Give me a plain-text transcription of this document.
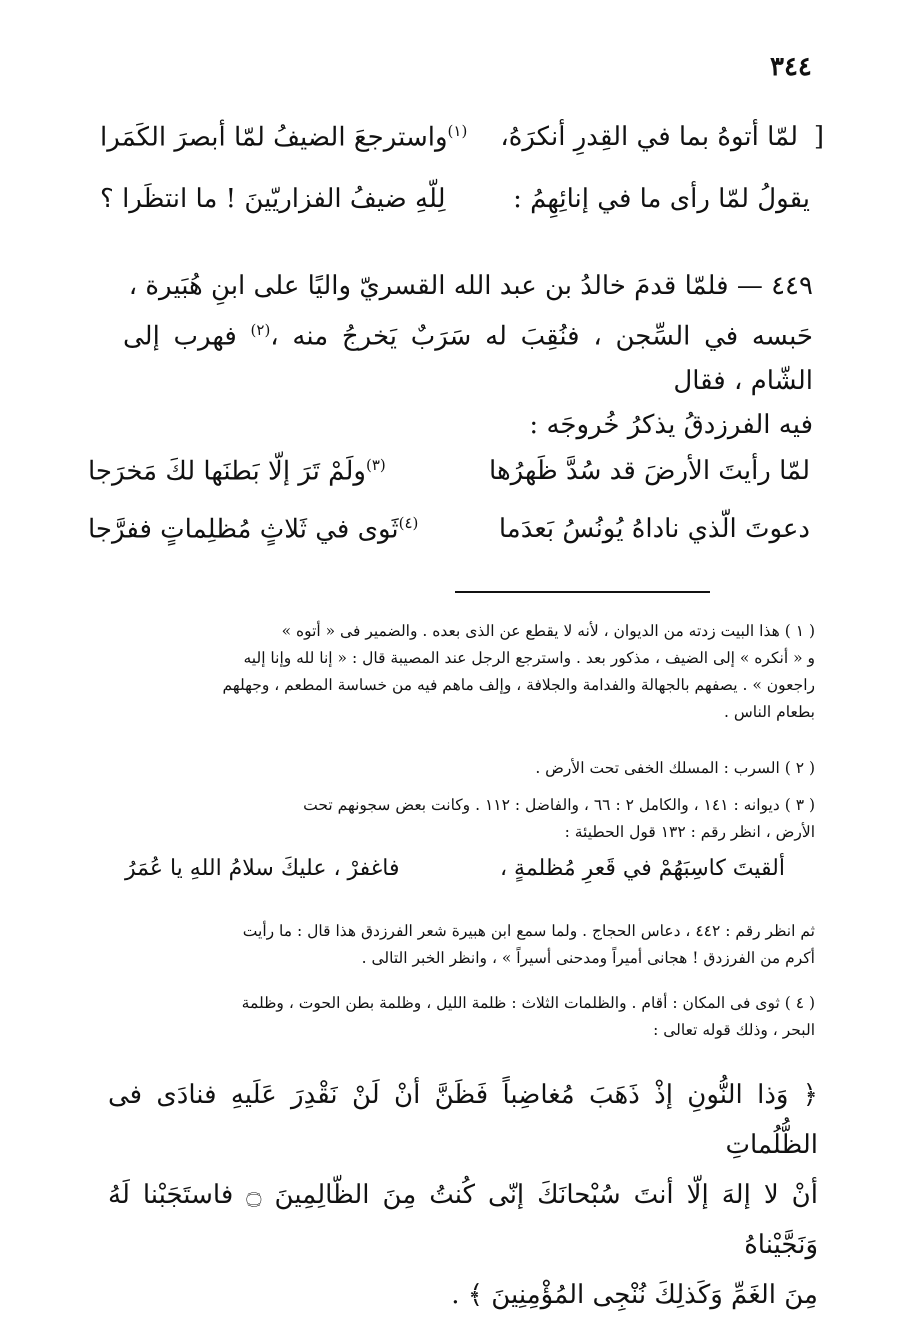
٣٤٤
[
لمّا أتوهُ بما في القِدرِ أنكرَهُ،
$^{(١)}$واسترجعَ الضيفُ لمّا أبصرَ الكَمَرا
يقولُ لمّا رأى ما في إنائِهِمُ :
لِلّهِ ضيفُ الفزاريّينَ ! ما انتظَرا ؟
٤٤٩ — فلمّا قدمَ خالدُ بن عبد الله القسريّ واليًا على ابنِ هُبَيرة ،
حَبسه في السِّجن ، فنُقِبَ له سَرَبٌ يَخرجُ منه ،$^{(٢)}$ فهرب إلى الشّام ، فقال
فيه الفرزدقُ يذكرُ خُروجَه :
لمّا رأيتَ الأرضَ قد سُدَّ ظَهرُها
$^{(٣)}$ولَمْ تَرَ إلّا بَطنَها لكَ مَخرَجا
دعوتَ الّذي ناداهُ يُونُسُ بَعدَما
$^{(٤)}$ثَوى في ثَلاثٍ مُظلِماتٍ ففرَّجا
( ١ ) هذا البيت زدته من الديوان ، لأنه لا يقطع عن الذى بعده . والضمير فى « أتوه »
و « أنكره » إلى الضيف ، مذكور بعد . واسترجع الرجل عند المصيبة قال : « إنا لله وإنا إليه
راجعون » . يصفهم بالجهالة والفدامة والجلافة ، وإلف ماهم فيه من خساسة المطعم ، وجهلهم
بطعام الناس .
( ٢ ) السرب : المسلك الخفى تحت الأرض .
( ٣ ) ديوانه : ١٤١ ، والكامل ٢ : ٦٦ ، والفاضل : ١١٢ . وكانت بعض سجونهم تحت
الأرض ، انظر رقم : ١٣٢ قول الحطيئة :
ألقيتَ كاسِبَهُمْ في قَعرِ مُظلمةٍ ،
فاغفرْ ، عليكَ سلامُ اللهِ يا عُمَرُ
ثم انظر رقم : ٤٤٢ ، دعاس الحجاج . ولما سمع ابن هبيرة شعر الفرزدق هذا قال : ما رأيت
أكرم من الفرزدق ! هجانى أميراً ومدحنى أسيراً » ، وانظر الخبر التالى .
( ٤ ) ثوى فى المكان : أقام . والظلمات الثلاث : ظلمة الليل ، وظلمة بطن الحوت ، وظلمة
البحر ، وذلك قوله تعالى :
﴿ وَذا النُّونِ إذْ ذَهَبَ مُغاضِباً فَظَنَّ أنْ لَنْ نَقْدِرَ عَلَيهِ فنادَى فى الظُّلُماتِ
أنْ لا إلهَ إلّا أنتَ سُبْحانَكَ إنّى كُنتُ مِنَ الظّالِمِينَ ۝ فاستَجَبْنا لَهُ وَنَجَّيْناهُ
مِنَ الغَمِّ وَكَذلِكَ نُنْجِى المُؤْمِنِينَ ﴾ .
